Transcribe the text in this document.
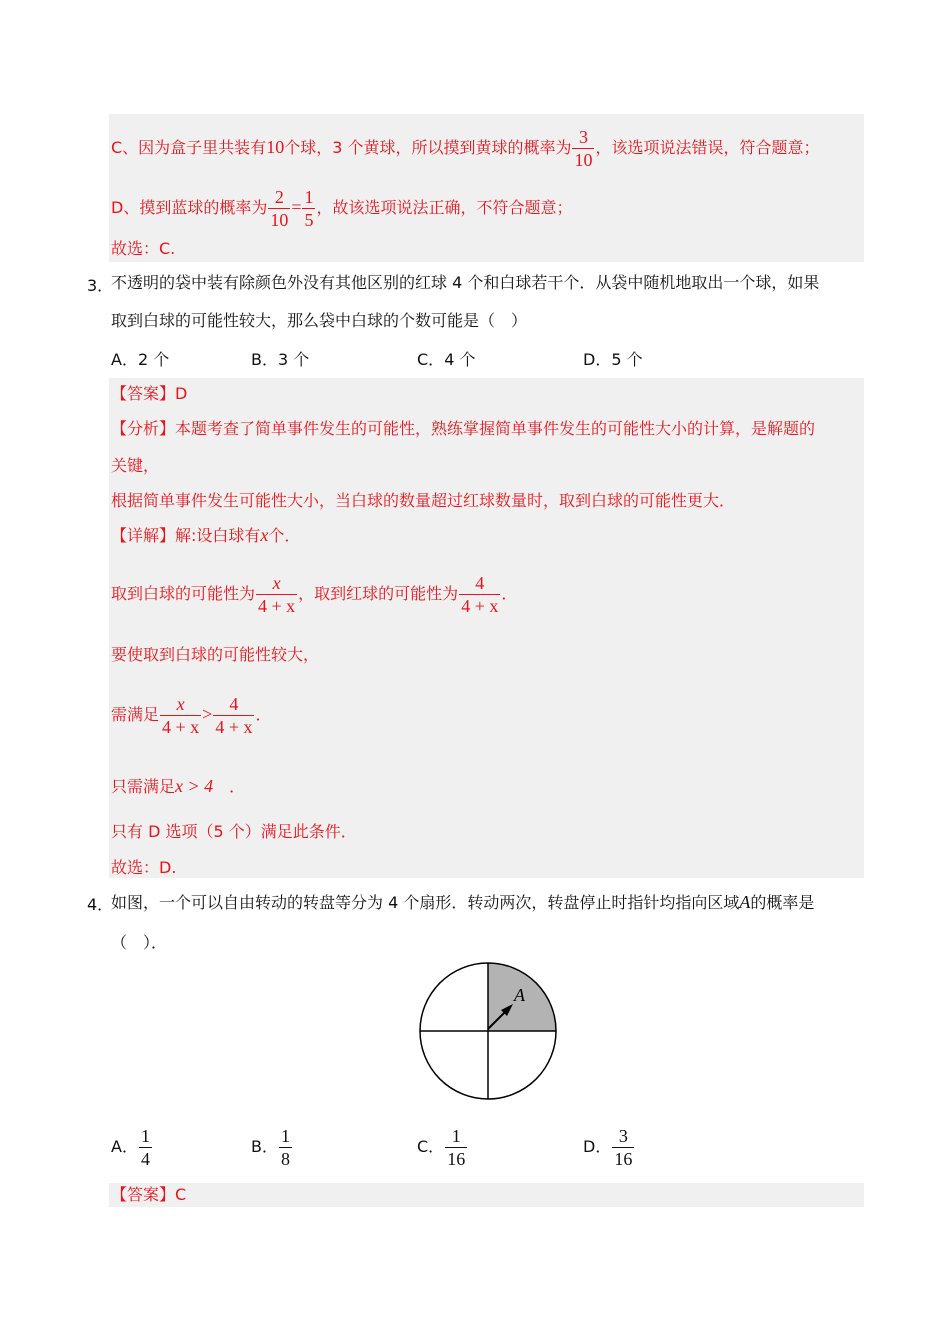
C、因为盒子里共装有10个球，3 个黄球，所以摸到黄球的概率为 $\frac{3}{10}$ ，该选项说法错误，符合题意；
D、摸到蓝球的概率为 $\frac{2}{10} = \frac{1}{5}$ ，故该选项说法正确，不符合题意；
故选：C.
3．
不透明的袋中装有除颜色外没有其他区别的红球 4 个和白球若干个．从袋中随机地取出一个球，如果
取到白球的可能性较大，那么袋中白球的个数可能是（　）
A．2 个	B．3 个	C．4 个	D．5 个
【答案】D
【分析】本题考查了简单事件发生的可能性，熟练掌握简单事件发生的可能性大小的计算，是解题的
关键，
根据简单事件发生可能性大小，当白球的数量超过红球数量时，取到白球的可能性更大．
【详解】解:设白球有x个．
取到白球的可能性为 $\frac{x}{4 + x}$ ，取到红球的可能性为 $\frac{4}{4 + x}$ ．
要使取到白球的可能性较大，
需满足 $\frac{x}{4 + x} > \frac{4}{4 + x}$ ．
只需满足x > 4　 ．
只有 D 选项（5 个）满足此条件．
故选：D.
4．
如图，一个可以自由转动的转盘等分为 4 个扇形．转动两次，转盘停止时指针均指向区域A的概率是
（　）．
A
A． $\frac{1}{4}$	B． $\frac{1}{8}$	C． $\frac{1}{16}$	D． $\frac{3}{16}$
【答案】C
